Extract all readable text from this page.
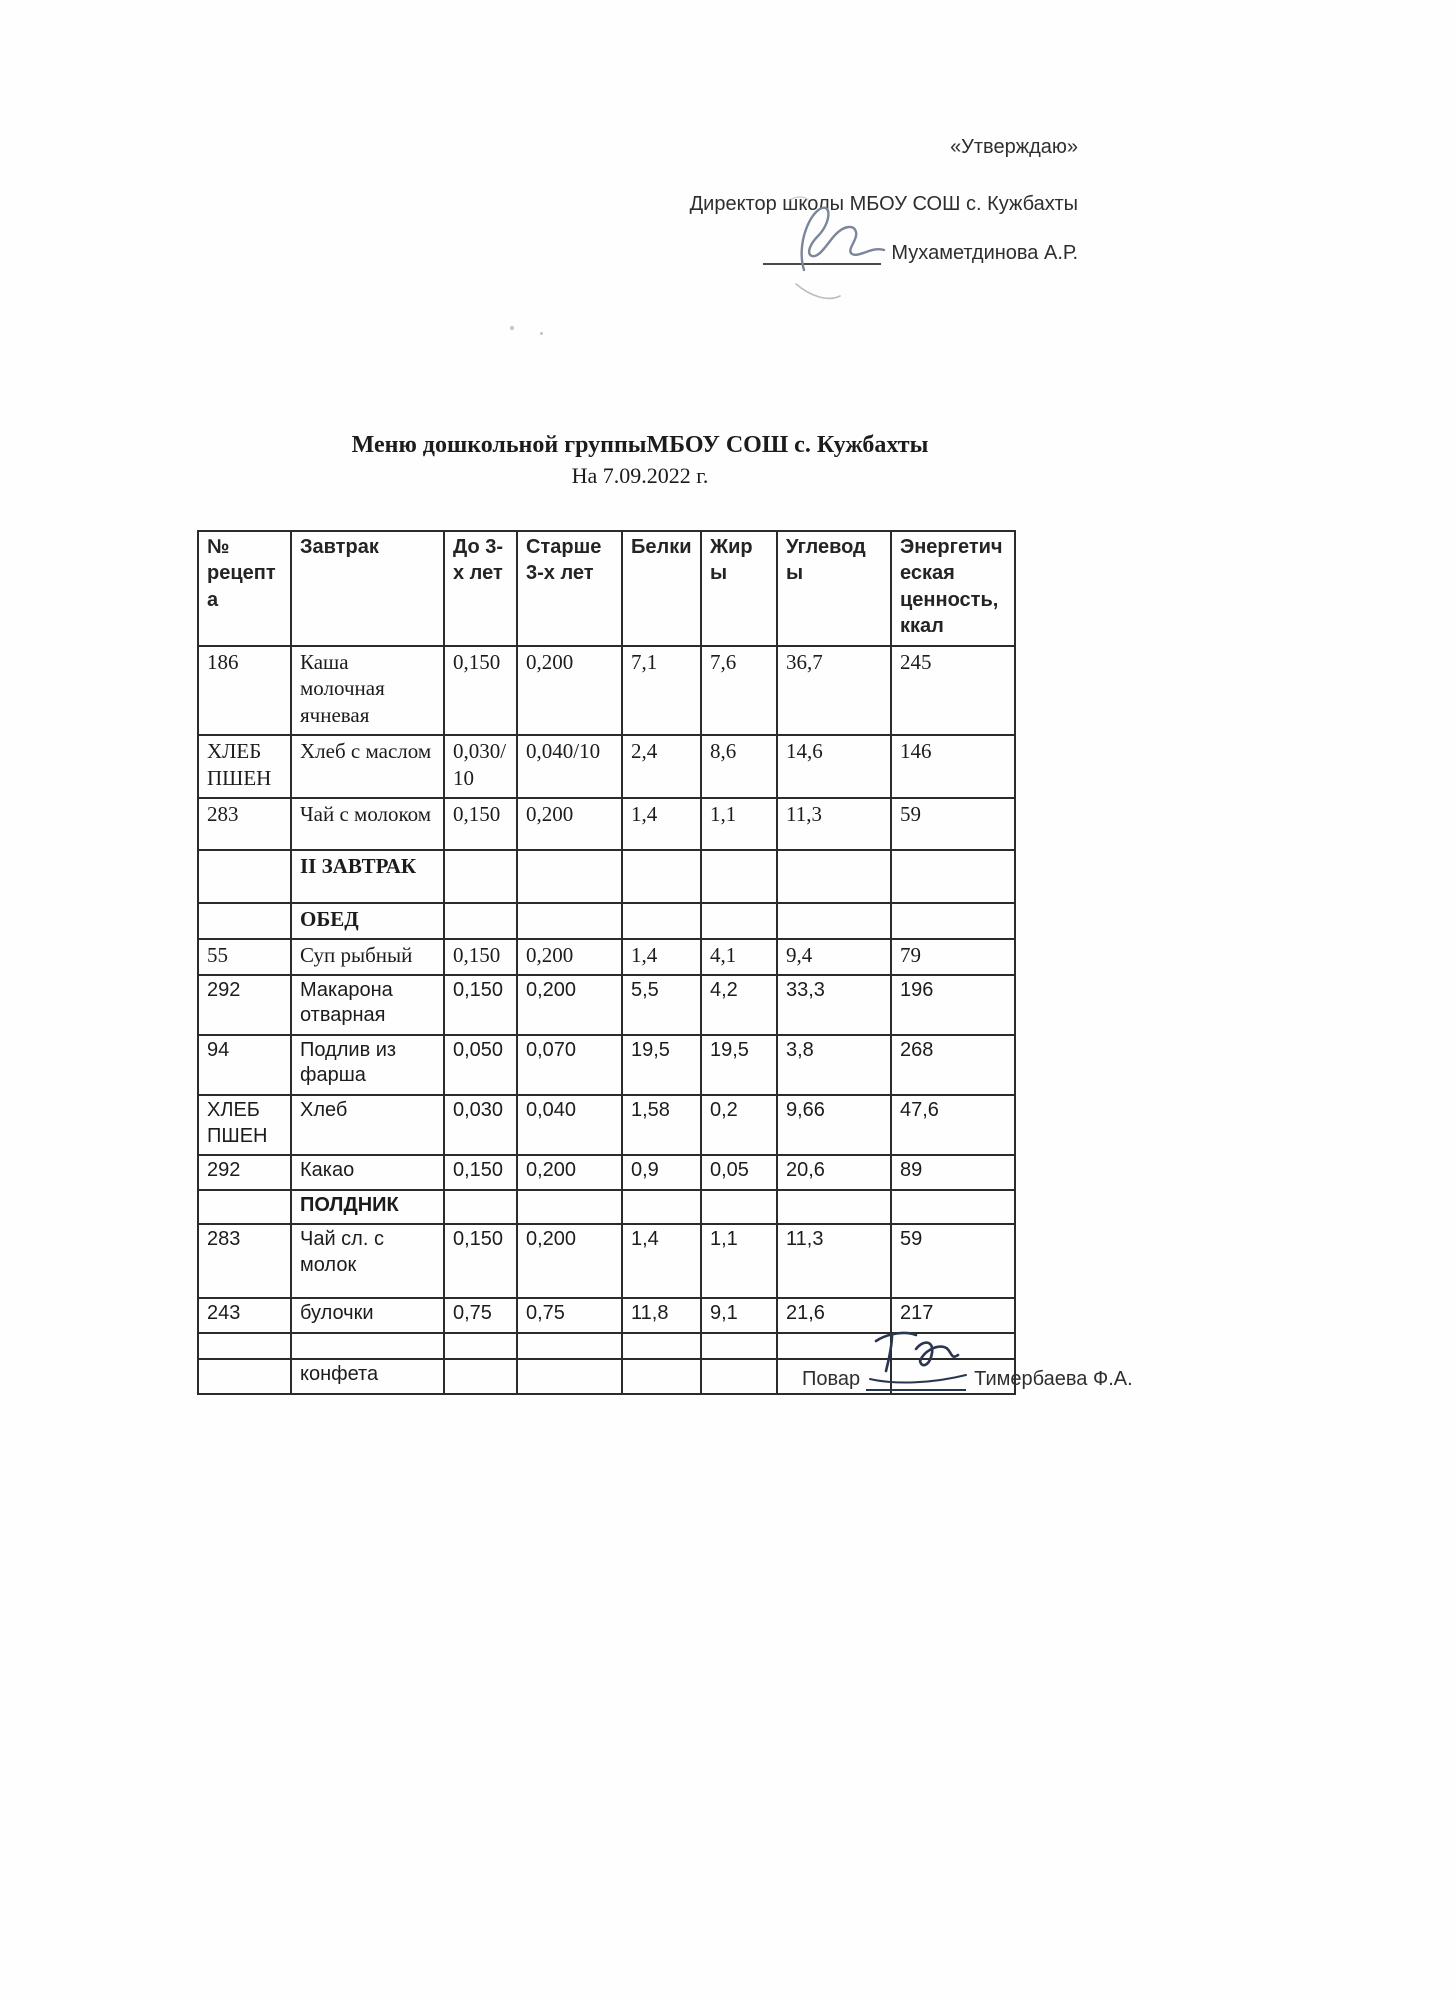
«Утверждаю»
Директор школы МБОУ СОШ с. Кужбахты
Мухаметдинова А.Р.
Меню дошкольной группыМБОУ СОШ с. Кужбахты
На 7.09.2022 г.
№ рецепта	Завтрак	До 3-х лет	Старше 3-х лет	Белки	Жиры	Углеводы	Энергетическая ценность, ккал
186	Каша молочная ячневая	0,150	0,200	7,1	7,6	36,7	245
ХЛЕБ ПШЕН	Хлеб с маслом	0,030/10	0,040/10	2,4	8,6	14,6	146
283	Чай с молоком	0,150	0,200	1,4	1,1	11,3	59
	II ЗАВТРАК						
	ОБЕД						
55	Суп рыбный	0,150	0,200	1,4	4,1	9,4	79
292	Макарона отварная	0,150	0,200	5,5	4,2	33,3	196
94	Подлив из фарша	0,050	0,070	19,5	19,5	3,8	268
ХЛЕБ ПШЕН	Хлеб	0,030	0,040	1,58	0,2	9,66	47,6
292	Какао	0,150	0,200	0,9	0,05	20,6	89
	ПОЛДНИК						
283	Чай сл. с молок	0,150	0,200	1,4	1,1	11,3	59
243	булочки	0,75	0,75	11,8	9,1	21,6	217

	конфета							Повар	Тимербаева Ф.А.
